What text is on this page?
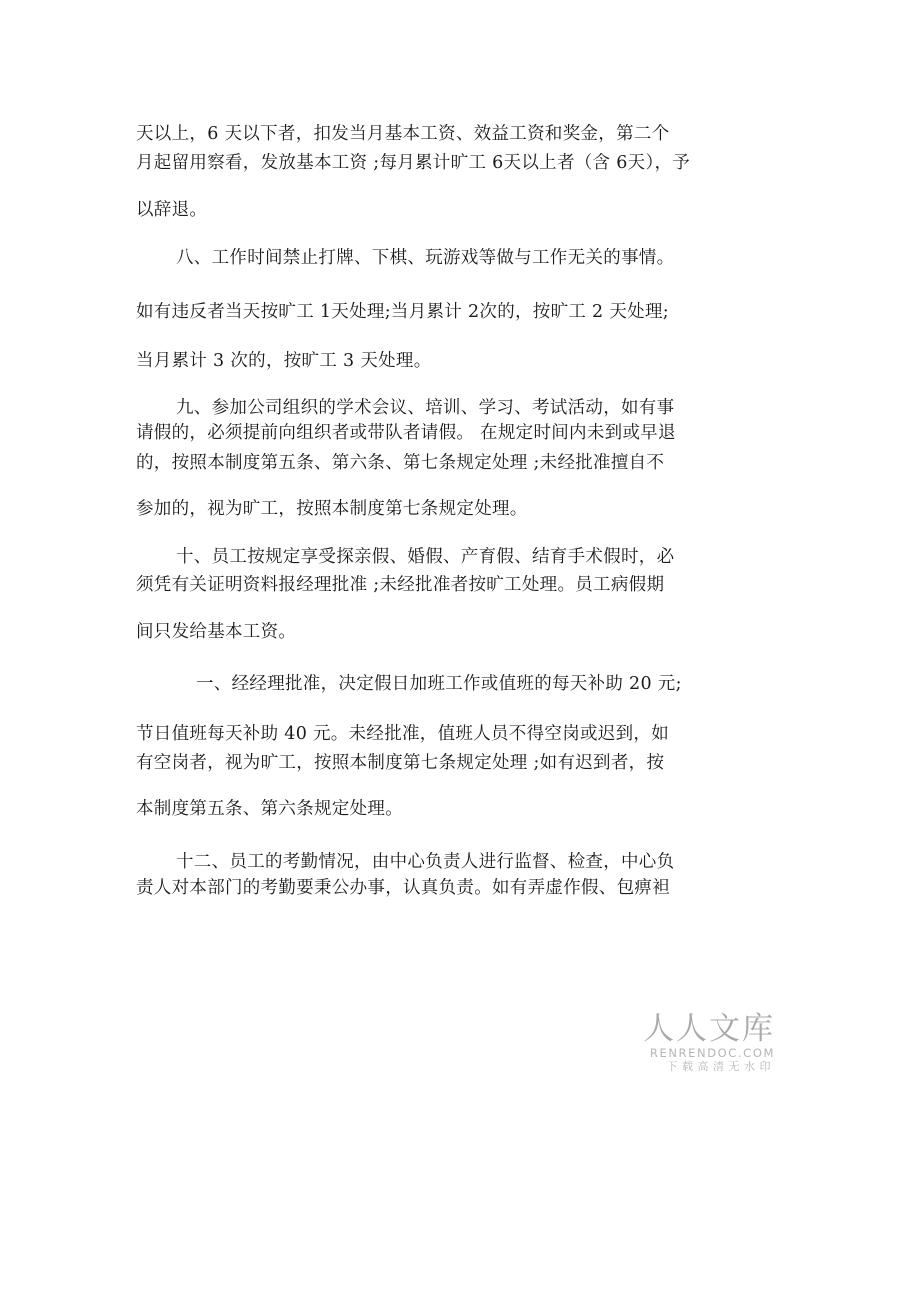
天以上，6 天以下者，扣发当月基本工资、效益工资和奖金，第二个
月起留用察看，发放基本工资 ;每月累计旷工 6天以上者（含 6天），予
以辞退。
八、工作时间禁止打牌、下棋、玩游戏等做与工作无关的事情。
如有违反者当天按旷工 1天处理;当月累计 2次的，按旷工 2 天处理;
当月累计 3 次的，按旷工 3 天处理。
九、参加公司组织的学术会议、培训、学习、考试活动，如有事
请假的，必须提前向组织者或带队者请假。 在规定时间内未到或早退
的，按照本制度第五条、第六条、第七条规定处理 ;未经批准擅自不
参加的，视为旷工，按照本制度第七条规定处理。
十、员工按规定享受探亲假、婚假、产育假、结育手术假时，必
须凭有关证明资料报经理批准 ;未经批准者按旷工处理。员工病假期
间只发给基本工资。
一、经经理批准，决定假日加班工作或值班的每天补助 20 元;
节日值班每天补助 40 元。未经批准，值班人员不得空岗或迟到，如
有空岗者，视为旷工，按照本制度第七条规定处理 ;如有迟到者，按
本制度第五条、第六条规定处理。
十二、员工的考勤情况，由中心负责人进行监督、检查，中心负
责人对本部门的考勤要秉公办事，认真负责。如有弄虚作假、包痹袒
人人文库
RENRENDOC.COM
下载高清无水印
